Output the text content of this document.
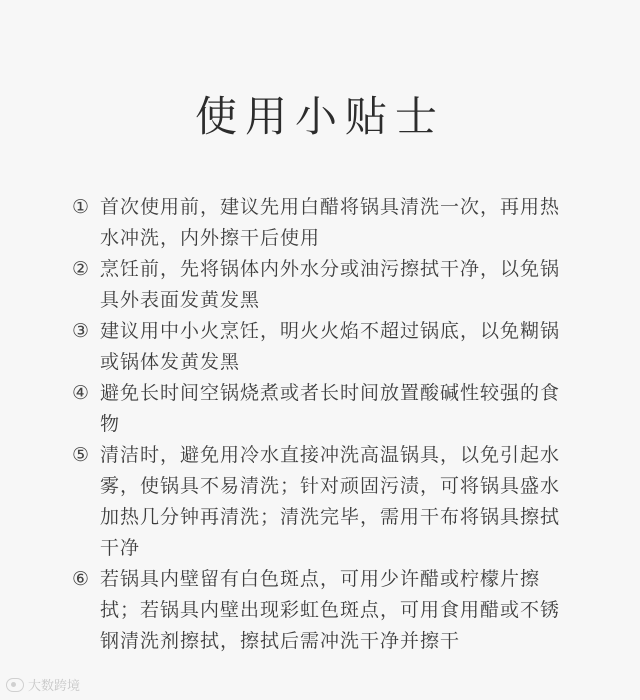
使用小贴士
① 首次使用前，建议先用白醋将锅具清洗一次，再用热水冲洗，内外擦干后使用
② 烹饪前，先将锅体内外水分或油污擦拭干净，以免锅具外表面发黄发黑
③ 建议用中小火烹饪，明火火焰不超过锅底，以免糊锅或锅体发黄发黑
④ 避免长时间空锅烧煮或者长时间放置酸碱性较强的食物
⑤ 清洁时，避免用冷水直接冲洗高温锅具，以免引起水雾，使锅具不易清洗；针对顽固污渍，可将锅具盛水加热几分钟再清洗；清洗完毕，需用干布将锅具擦拭干净
⑥ 若锅具内壁留有白色斑点，可用少许醋或柠檬片擦拭；若锅具内壁出现彩虹色斑点，可用食用醋或不锈钢清洗剂擦拭，擦拭后需冲洗干净并擦干
大数跨境
